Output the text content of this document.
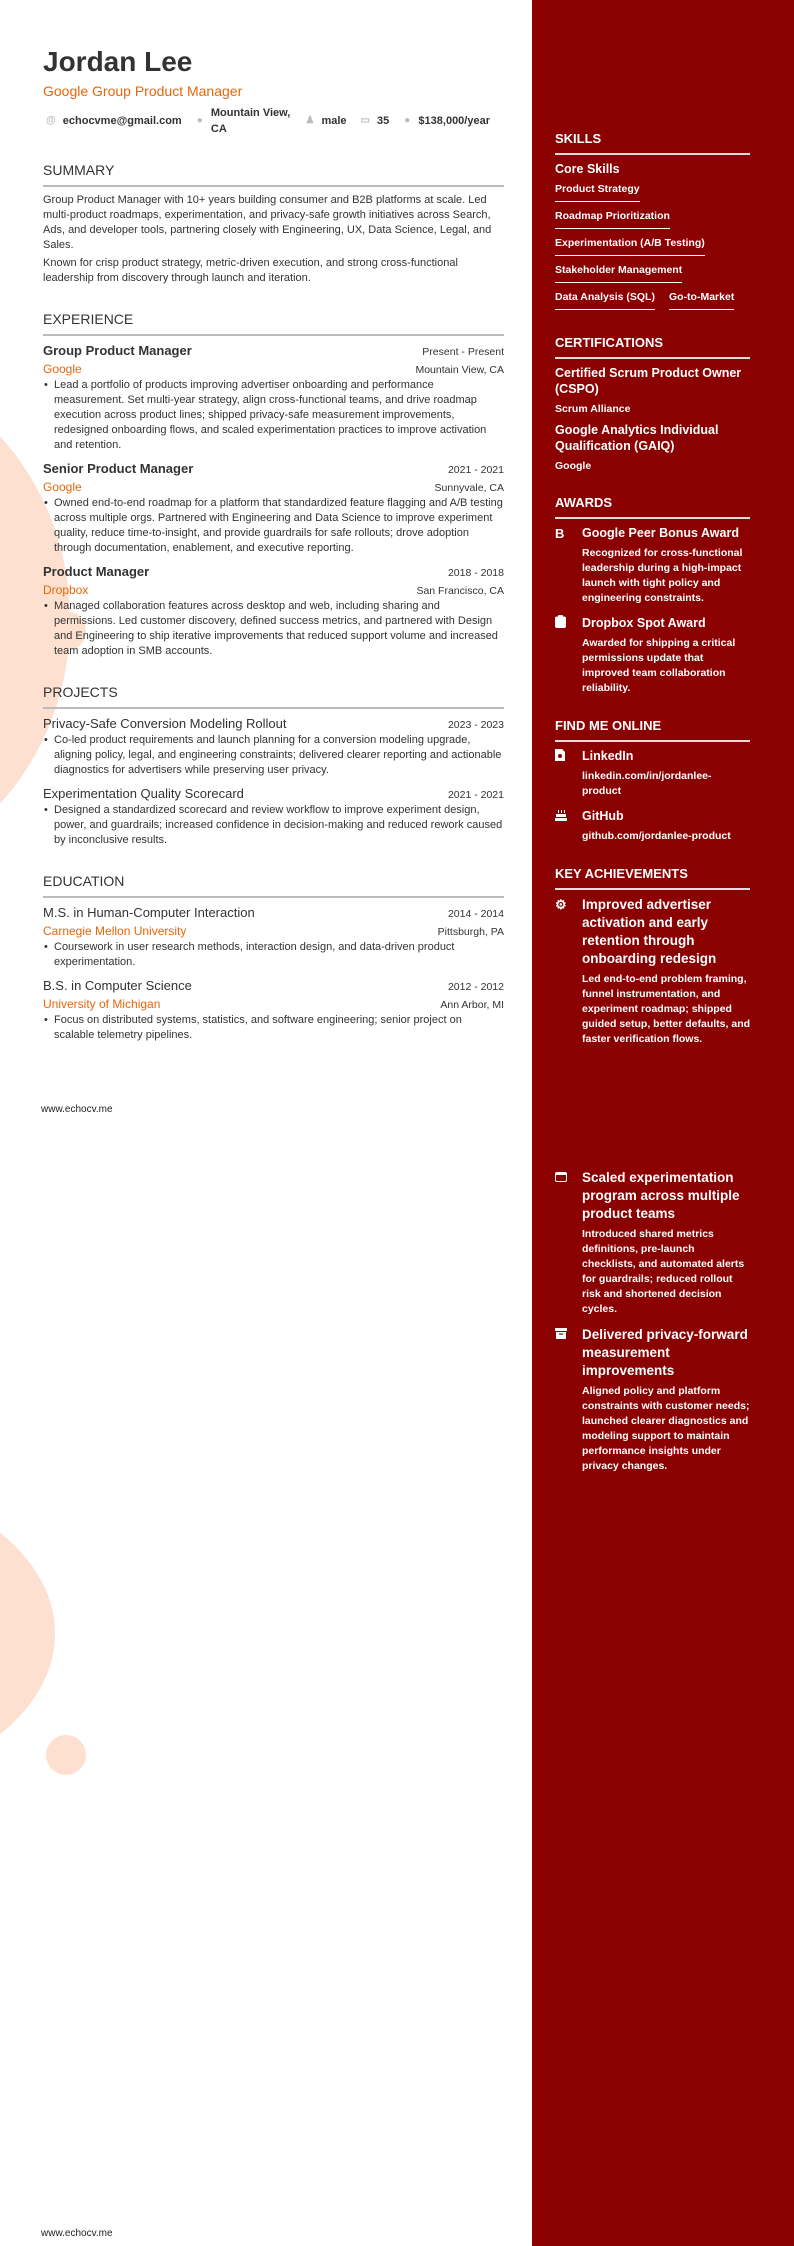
Jordan Lee
Google Group Product Manager
@ echocvme@gmail.com ●
Mountain View, CA
♟ male ▭ 35 ● $138,000/year
SUMMARY

Group Product Manager with 10+ years building consumer and B2B platforms at scale. Led multi-product roadmaps, experimentation, and privacy-safe growth initiatives across Search, Ads, and developer tools, partnering closely with Engineering, UX, Data Science, Legal, and Sales.

Known for crisp product strategy, metric-driven execution, and strong cross-functional leadership from discovery through launch and iteration.

EXPERIENCE
Group Product Manager	Present - Present
Google	Mountain View, CA
• Lead a portfolio of products improving advertiser onboarding and performance measurement. Set multi-year strategy, align cross-functional teams, and drive roadmap execution across product lines; shipped privacy-safe measurement improvements, redesigned onboarding flows, and scaled experimentation practices to improve activation and retention.
Senior Product Manager	2021 - 2021
Google	Sunnyvale, CA
• Owned end-to-end roadmap for a platform that standardized feature flagging and A/B testing across multiple orgs. Partnered with Engineering and Data Science to improve experiment quality, reduce time-to-insight, and provide guardrails for safe rollouts; drove adoption through documentation, enablement, and executive reporting.
Product Manager	2018 - 2018
Dropbox	San Francisco, CA
• Managed collaboration features across desktop and web, including sharing and permissions. Led customer discovery, defined success metrics, and partnered with Design and Engineering to ship iterative improvements that reduced support volume and increased team adoption in SMB accounts.
PROJECTS
Privacy-Safe Conversion Modeling Rollout	2023 - 2023
• Co-led product requirements and launch planning for a conversion modeling upgrade, aligning policy, legal, and engineering constraints; delivered clearer reporting and actionable diagnostics for advertisers while preserving user privacy.
Experimentation Quality Scorecard	2021 - 2021
• Designed a standardized scorecard and review workflow to improve experiment design, power, and guardrails; increased confidence in decision-making and reduced rework caused by inconclusive results.
EDUCATION
M.S. in Human-Computer Interaction	2014 - 2014
Carnegie Mellon University	Pittsburgh, PA
• Coursework in user research methods, interaction design, and data-driven product experimentation.
B.S. in Computer Science	2012 - 2012
University of Michigan	Ann Arbor, MI
• Focus on distributed systems, statistics, and software engineering; senior project on scalable telemetry pipelines.
SKILLS
Core Skills
Product Strategy
Roadmap Prioritization
Experimentation (A/B Testing)
Stakeholder Management
Data Analysis (SQL) Go-to-Market
CERTIFICATIONS
Certified Scrum Product Owner (CSPO)
Scrum Alliance
Google Analytics Individual Qualification (GAIQ)
Google
AWARDS
B	Google Peer Bonus Award
Recognized for cross-functional leadership during a high-impact launch with tight policy and engineering constraints.
Dropbox Spot Award
Awarded for shipping a critical permissions update that improved team collaboration reliability.
FIND ME ONLINE
LinkedIn
linkedin.com/in/jordanlee-product
GitHub
github.com/jordanlee-product
KEY ACHIEVEMENTS
⚙	Improved advertiser activation and early retention through onboarding redesign
Led end-to-end problem framing, funnel instrumentation, and experiment roadmap; shipped guided setup, better defaults, and faster verification flows.
www.echocv.me
Scaled experimentation program across multiple product teams
Introduced shared metrics definitions, pre-launch checklists, and automated alerts for guardrails; reduced rollout risk and shortened decision cycles.
Delivered privacy-forward measurement improvements
Aligned policy and platform constraints with customer needs; launched clearer diagnostics and modeling support to maintain performance insights under privacy changes.
www.echocv.me
